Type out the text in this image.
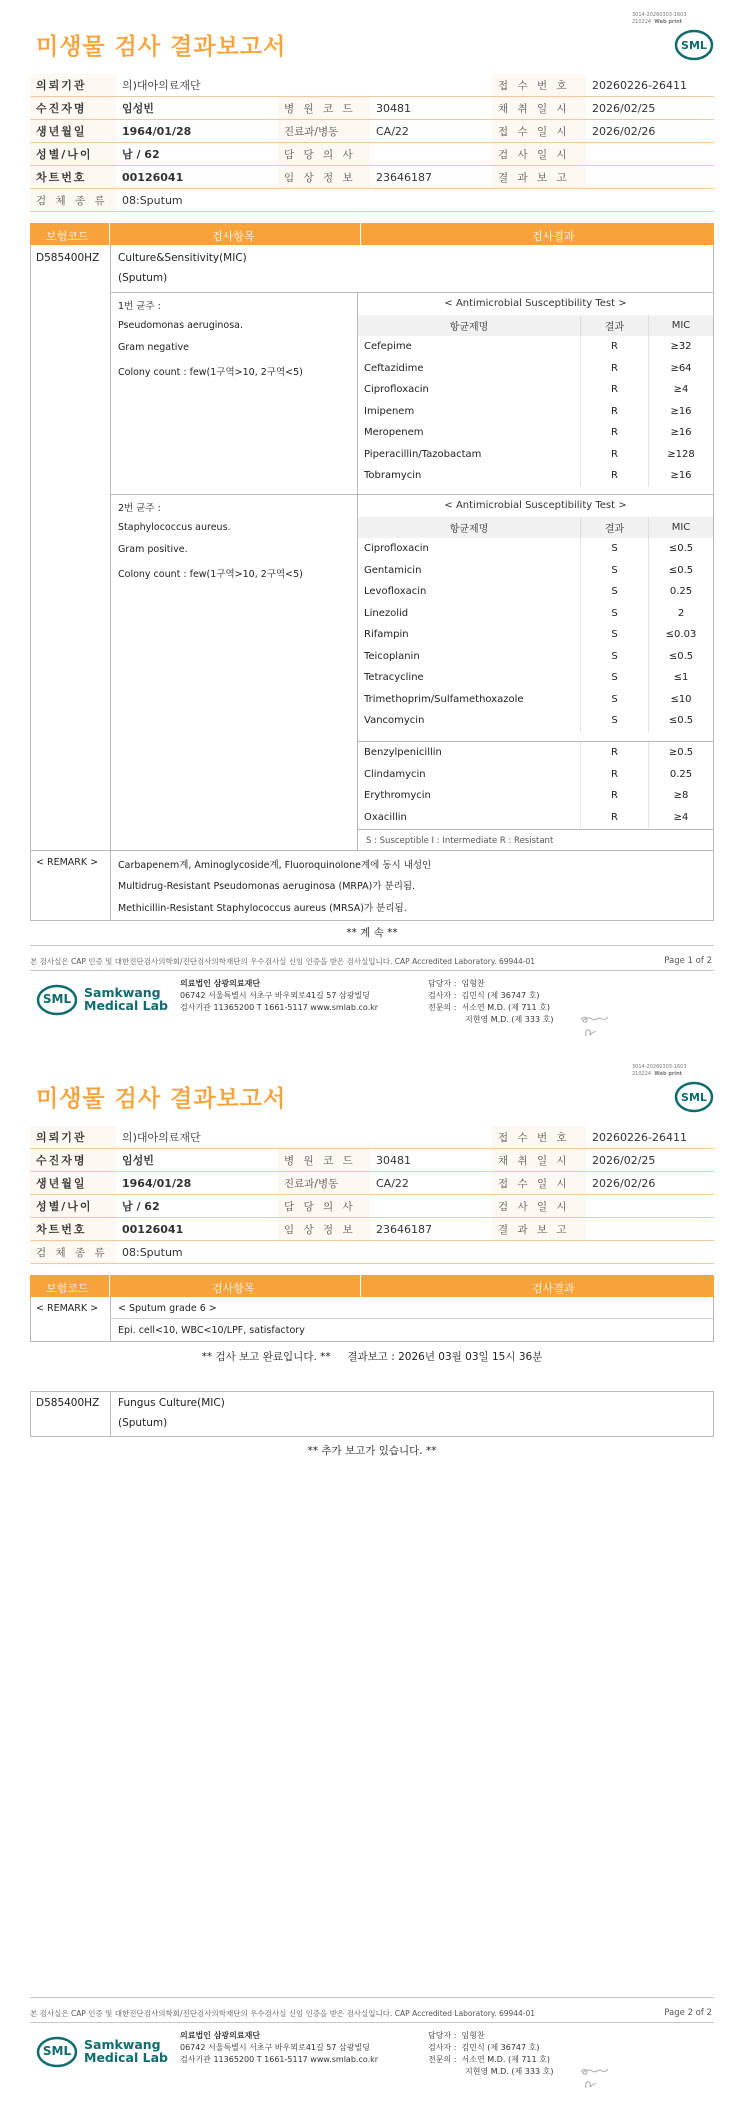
3014-20260303-1603
210224 Web print
미생물 검사 결과보고서	SML
의뢰기관	의)대아의료재단			접 수 번 호	20260226-26411
수진자명	임성빈	병 원 코 드	30481	채 취 일 시	2026/02/25
생년월일	1964/01/28	진료과/병동	CA/22	접 수 일 시	2026/02/26
성별/나이	남 / 62	담 당 의 사		검 사 일 시	
차트번호	00126041	임 상 정 보	23646187	결 과 보 고	
검 체 종 류	08:Sputum				
보험코드	검사항목	검사결과
D585400HZ Culture&Sensitivity(MIC)
(Sputum)
1번 균주 :
Pseudomonas aeruginosa.
Gram negative
Colony count : few(1구역>10, 2구역<5)
< Antimicrobial Susceptibility Test >		
항균제명	결과	MIC
Cefepime	R	≥32
Ceftazidime	R	≥64
Ciprofloxacin	R	≥4
Imipenem	R	≥16
Meropenem	R	≥16
Piperacillin/Tazobactam	R	≥128
Tobramycin	R	≥16
2번 균주 :
Staphylococcus aureus.
Gram positive.
Colony count : few(1구역>10, 2구역<5)
< Antimicrobial Susceptibility Test >		
항균제명	결과	MIC
Ciprofloxacin	S	≤0.5
Gentamicin	S	≤0.5
Levofloxacin	S	0.25
Linezolid	S	2
Rifampin	S	≤0.03
Teicoplanin	S	≤0.5
Tetracycline	S	≤1
Trimethoprim/Sulfamethoxazole	S	≤10
Vancomycin	S	≤0.5
Benzylpenicillin	R	≥0.5
Clindamycin	R	0.25
Erythromycin	R	≥8
Oxacillin	R	≥4
S : Susceptible I : Intermediate R : Resistant
< REMARK > Carbapenem계, Aminoglycoside계, Fluoroquinolone계에 동시 내성인
Multidrug-Resistant Pseudomonas aeruginosa (MRPA)가 분리됨.
Methicillin-Resistant Staphylococcus aureus (MRSA)가 분리됨.
** 계 속 **
본 검사실은 CAP 인증 및 대한진단검사의학회/진단검사의학재단의 우수검사실 신임 인증을 받은 검사실입니다. CAP Accredited Laboratory. 69944-01	Page 1 of 2
SML	Samkwang
Medical Lab
의료법인 삼광의료재단
06742 서울특별시 서초구 바우뫼로41길 57 삼광빌딩
검사기관 11365200 T 1661-5117 www.smlab.co.kr
담당자 : 임형찬
검사자 : 김민식 (제 36747 호)
전문의 : 서소연 M.D. (제 711 호)
지현영 M.D. (제 333 호)
3014-20260303-1603
210224 Web print
미생물 검사 결과보고서	SML
의뢰기관	의)대아의료재단			접 수 번 호	20260226-26411
수진자명	임성빈	병 원 코 드	30481	채 취 일 시	2026/02/25
생년월일	1964/01/28	진료과/병동	CA/22	접 수 일 시	2026/02/26
성별/나이	남 / 62	담 당 의 사		검 사 일 시	
차트번호	00126041	임 상 정 보	23646187	결 과 보 고	
검 체 종 류	08:Sputum				
보험코드	검사항목	검사결과
< REMARK > < Sputum grade 6 >
Epi. cell<10, WBC<10/LPF, satisfactory
** 검사 보고 완료입니다. **     결과보고 : 2026년 03월 03일 15시 36분
D585400HZ Fungus Culture(MIC)
(Sputum)
** 추가 보고가 있습니다. **
본 검사실은 CAP 인증 및 대한진단검사의학회/진단검사의학재단의 우수검사실 신임 인증을 받은 검사실입니다. CAP Accredited Laboratory. 69944-01	Page 2 of 2
SML	Samkwang
Medical Lab
의료법인 삼광의료재단
06742 서울특별시 서초구 바우뫼로41길 57 삼광빌딩
검사기관 11365200 T 1661-5117 www.smlab.co.kr
담당자 : 임형찬
검사자 : 김민식 (제 36747 호)
전문의 : 서소연 M.D. (제 711 호)
지현영 M.D. (제 333 호)
